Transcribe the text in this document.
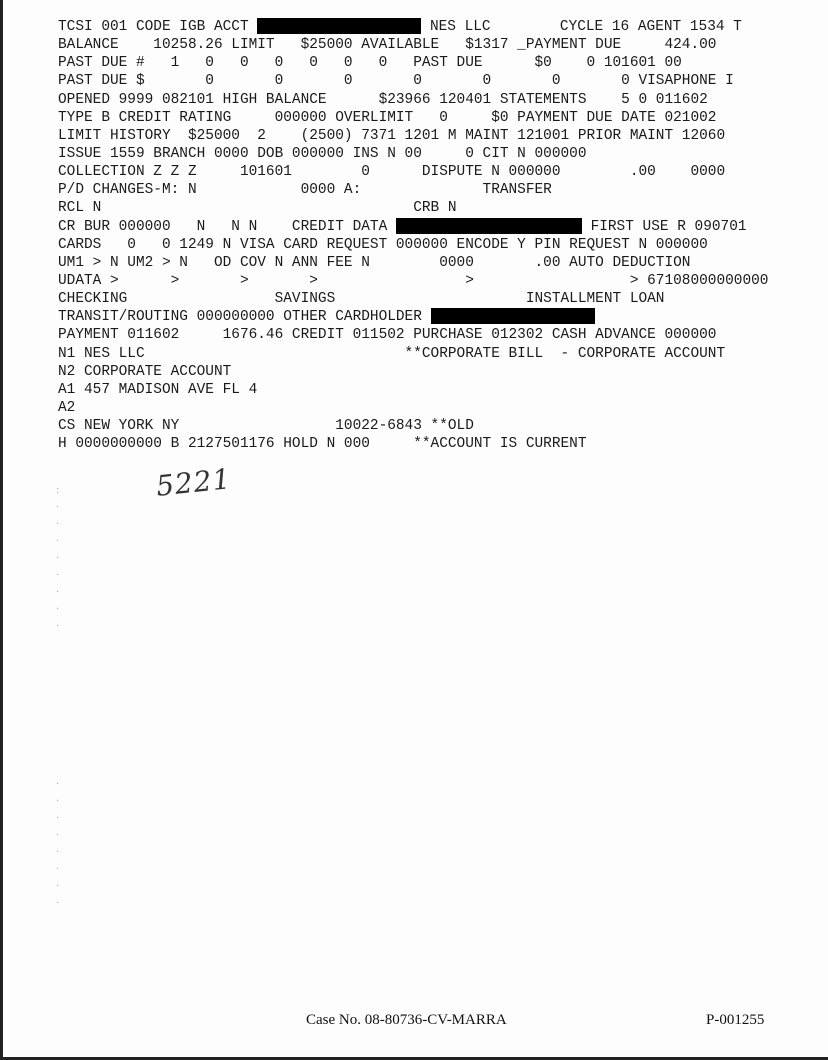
TCSI 001 CODE IGB ACCT	NES LLC        CYCLE 16 AGENT 1534 T
BALANCE    10258.26 LIMIT   $25000 AVAILABLE   $1317 _PAYMENT DUE     424.00
PAST DUE #   1   0   0   0   0   0   0   PAST DUE      $0    0 101601 00
PAST DUE $       0       0       0       0       0       0       0 VISAPHONE I
OPENED 9999 082101 HIGH BALANCE      $23966 120401 STATEMENTS    5 0 011602
TYPE B CREDIT RATING     000000 OVERLIMIT   0     $0 PAYMENT DUE DATE 021002
LIMIT HISTORY  $25000  2    (2500) 7371 1201 M MAINT 121001 PRIOR MAINT 12060
ISSUE 1559 BRANCH 0000 DOB 000000 INS N 00     0 CIT N 000000
COLLECTION Z Z Z     101601        0      DISPUTE N 000000        .00    0000
P/D CHANGES-M: N            0000 A:              TRANSFER
RCL N                                    CRB N
CR BUR 000000   N   N N    CREDIT DATA	FIRST USE R 090701
CARDS   0   0 1249 N VISA CARD REQUEST 000000 ENCODE Y PIN REQUEST N 000000
UM1 > N UM2 > N   OD COV N ANN FEE N        0000       .00 AUTO DEDUCTION
UDATA >      >       >       >                 >                  > 67108000000000
CHECKING                 SAVINGS                      INSTALLMENT LOAN
TRANSIT/ROUTING 000000000 OTHER CARDHOLDER
PAYMENT 011602     1676.46 CREDIT 011502 PURCHASE 012302 CASH ADVANCE 000000
N1 NES LLC                              **CORPORATE BILL  - CORPORATE ACCOUNT
N2 CORPORATE ACCOUNT
A1 457 MADISON AVE FL 4
A2
CS NEW YORK NY                  10022-6843 **OLD
H 0000000000 B 2127501176 HOLD N 000     **ACCOUNT IS CURRENT
5221
:
·
·
·
·
·
·
·
·
·
·
·
·
·
·
·
·
Case No. 08-80736-CV-MARRA	P-001255
